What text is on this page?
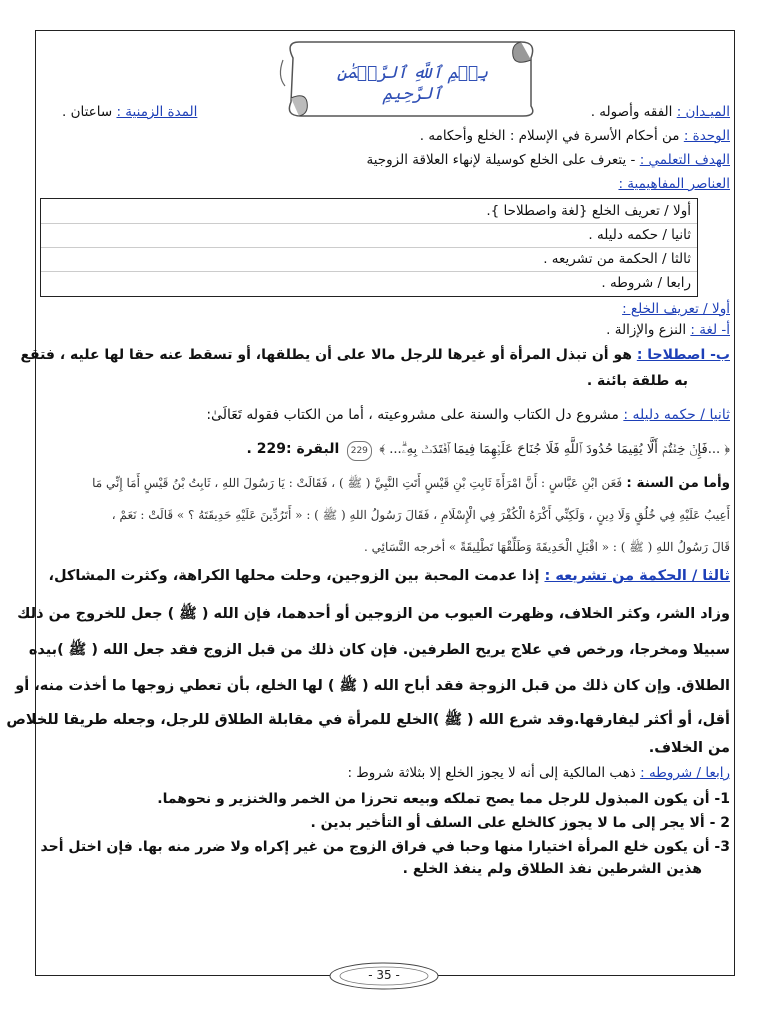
بِسۡمِ ٱللَّهِ ٱلرَّحۡمَٰنِ ٱلرَّحِيمِ
الميـدان : الفقه وأصوله .
المدة الزمنية : ساعتان .
الوحدة : من أحكام الأسرة في الإسلام : الخلع وأحكامه .
الهدف التعلمي : - يتعرف على الخلع كوسيلة لإنهاء العلاقة الزوجية
العناصر المفاهيمية :
أولا / تعريف الخلع {لغة واصطلاحا }.
ثانيا / حكمه دليله .
ثالثا / الحكمة من تشريعه .
رابعا / شروطه .
أولا / تعريف الخلع :
أ- لغة : النزع والإزالة .
ب- اصطلاحا : هو أن تبذل المرأة أو غيرها للرجل مالا على أن يطلقها، أو تسقط عنه حقا لها عليه ، فتقع
به طلقة بائنة .
ثانيا / حكمه دليله : مشروع دل الكتاب والسنة على مشروعيته ، أما من الكتاب فقوله تَعَالَىٰ:
﴿ ...فَإِنۡ خِفۡتُمۡ أَلَّا يُقِيمَا حُدُودَ ٱللَّهِ فَلَا جُنَاحَ عَلَيۡهِمَا فِيمَا ٱفۡتَدَتۡ بِهِۦۗ... ﴾ 229 البقرة :229 .
وأما من السنة : فَعَن ابْنِ عَبَّاسٍ : أَنَّ امْرَأَةَ ثَابِتِ بْنِ قَيْسٍ أَتَتِ النَّبِيَّ ( ﷺ ) ، فَقَالَتْ : يَا رَسُولَ اللهِ ، ثَابِتُ بْنُ قَيْسٍ أَمَا إِنِّي مَا
أَعِيبُ عَلَيْهِ فِي خُلُقٍ وَلَا دِينٍ ، وَلَكِنِّي أَكْرَهُ الْكُفْرَ فِي الْإِسْلَامِ ، فَقَالَ رَسُولُ اللهِ ( ﷺ ) : « أَتَرُدِّينَ عَلَيْهِ حَدِيقَتَهُ ؟ » قَالَتْ : نَعَمْ ،
قَالَ رَسُولُ اللهِ ( ﷺ ) : « اقْبَلِ الْحَدِيقَةَ وَطَلِّقْهَا تَطْلِيقَةً » أخرجه النَّسَائِي .
ثالثا / الحكمة من تشريعه : إذا عدمت المحبة بين الزوجين، وحلت محلها الكراهة، وكثرت المشاكل،
وزاد الشر، وكثر الخلاف، وظهرت العيوب من الزوجين أو أحدهما، فإن الله ( ﷺ ) جعل للخروج من ذلك
سبيلا ومخرجا، ورخص في علاج يريح الطرفين. فإن كان ذلك من قبل الزوج فقد جعل الله ( ﷺ )بيده
الطلاق. وإن كان ذلك من قبل الزوجة فقد أباح الله ( ﷺ ) لها الخلع، بأن تعطي زوجها ما أخذت منه، أو
أقل، أو أكثر ليفارقها.وقد شرع الله ( ﷺ )الخلع للمرأة في مقابلة الطلاق للرجل، وجعله طريقا للخلاص
من الخلاف.
رابعا / شروطه : ذهب المالكية إلى أنه لا يجوز الخلع إلا بثلاثة شروط :
1- أن يكون المبذول للرجل مما يصح تملكه وبيعه تحرزا من الخمر والخنزير و نحوهما.
2 - ألا يجر إلى ما لا يجوز كالخلع على السلف أو التأخير بدين .
3- أن يكون خلع المرأة اختيارا منها وحبا في فراق الزوج من غير إكراه ولا ضرر منه بها. فإن اختل أحد
هذين الشرطين نفذ الطلاق ولم ينفذ الخلع .
- 35 -
